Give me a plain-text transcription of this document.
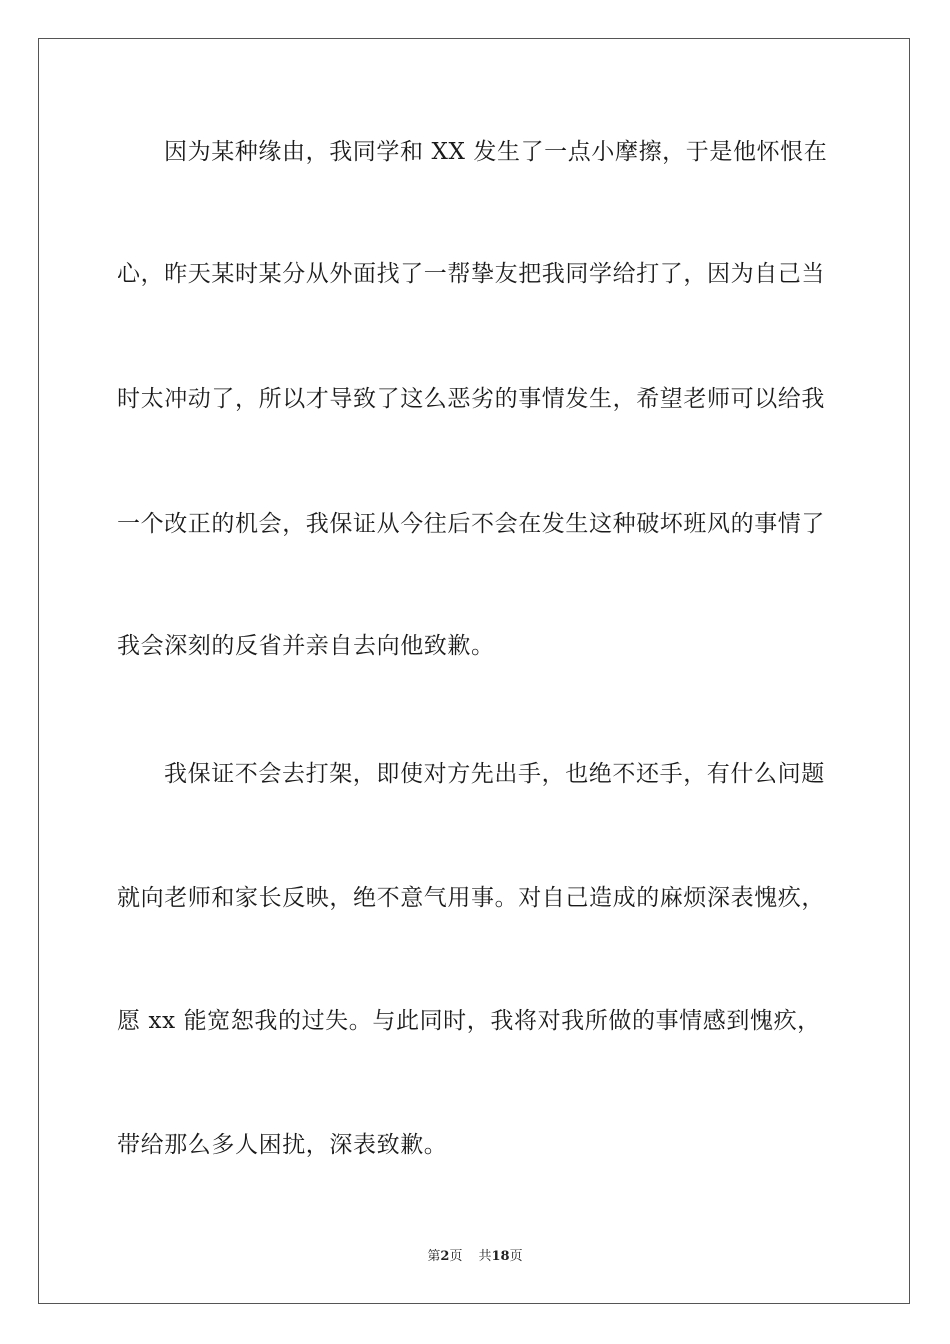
因为某种缘由，我同学和 XX 发生了一点小摩擦，于是他怀恨在
心，昨天某时某分从外面找了一帮挚友把我同学给打了，因为自己当
时太冲动了，所以才导致了这么恶劣的事情发生，希望老师可以给我
一个改正的机会，我保证从今往后不会在发生这种破坏班风的事情了
我会深刻的反省并亲自去向他致歉。
我保证不会去打架，即使对方先出手，也绝不还手，有什么问题
就向老师和家长反映，绝不意气用事。对自己造成的麻烦深表愧疚，
愿 xx 能宽恕我的过失。与此同时，我将对我所做的事情感到愧疚，
带给那么多人困扰，深表致歉。
第2页 共18页
